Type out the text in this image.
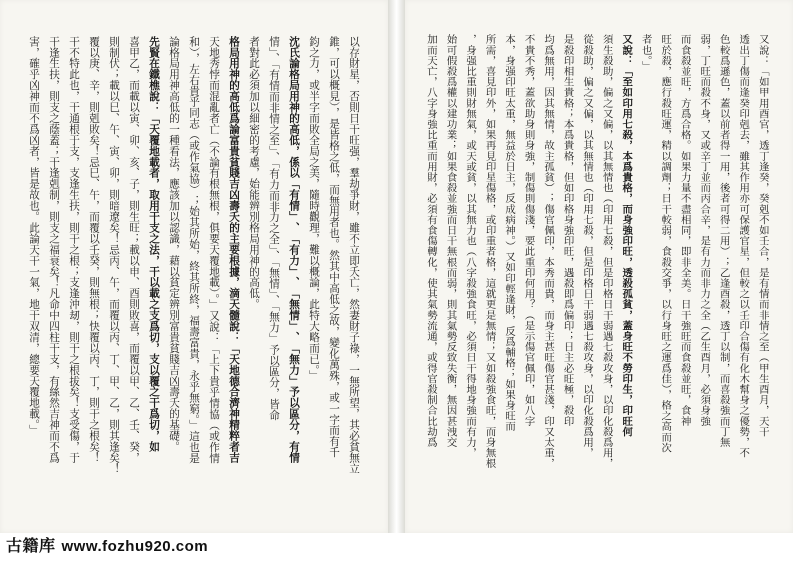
又說：「如甲用酉官，透丁逢癸，癸剋不如壬合，是有情而非情之至（甲生酉月，天干
透出丁傷而逢癸印剋去，雖其作用亦可保護官星，但較之以壬印合傷有化木幫身之優勢，不
色較爲遜色，蓋以前者得一用，後者可得二用）；乙逢酉殺，透丁以制，而喜殺強而丁無
弱，丁旺而殺不身，又或辛丁並而丙合辛，是有力而非力之全（乙生酉月，必須身強
而食殺並旺，方爲合格。如果力量不盡相同，即非全美。日干強旺而食殺並旺，食神
旺於殺，應行殺旺運，精以調劑；日干較弱，食殺交爭，以行身旺之運爲佳），格之高而次
者也。」
又說：「至如印用七殺，本爲貴格，而身強印旺，透殺孤貧，蓋身旺不勞印生，印旺何
須生殺助，偏之又偏，以其無情也（印用七殺，但是印格日干弱遇七殺攻身，以印化殺爲用，
從殺助，偏之又偏，以其無情也（印用七殺，但是印格日干弱遇七殺攻身，以印化殺爲用，
是殺印相生貴格；本爲貴格，但如印格身強印旺，遇殺即爲偏印；日主必旺極，殺印
均爲無用，因其無情，故主孤貧）；傷官佩印，本秀而貴，而身主甚旺傷官甚淺，印又太重，
不貴不秀，蓋欲助身則身強，制傷則傷淺，要此重印何用？（是示傷官佩印，如八字
本，身强印旺太重，無益於日主，反成病神。）又如印輕逢財，反爲輔格；如果身旺而
所需，喜見印外，如果再見印星傷格，或印重者格，這就更是無情；又如殺強食旺，而身無根
，身强比重則財無氣，或天或貧，以其無力也（八字殺強食旺，必須日干得地身強而有力，
始可假殺爲權以建功業；如果食殺並強而日干無根而弱，則其氣勢反致失衡，無因甚洩交
加而天亡，八字身強比重而用財，必須有食傷轉化，使其氣勢流通，或得官殺制合比劫爲
以存財星，否則日干旺强，羣劫爭財，雖不立即夭亡，然妻財子祿，一無所望，其必貧無立
錐，可以概見），是皆格之低，而無用者也。然其中高低之故，變化萬殊，或一字而有千
鈞之力，或半字而敗全局之美，隨時觀理，難以概論，此特大略而已。」
沈氏論格局用神的高低，係以「有情」、「有力」、「無情」、「無力」予以區分，有情
情」、「有情而非情之至」、「有力而非力之全」、「無情」、「無力」予以區分，皆命
者對此必須加以細密的考慮，始能辨別格局用神的高低。
格局用神的高低爲論富貴貧賤吉凶壽夭的主要根據，滴天髓說：「天地德合濟神精粹者吉
天地秀悖而混亂者亡（不論有根無根，俱要天覆地載）。」又說：「上下貴乎情協（或作情
和），左右貴乎同志（或作氣協）；始其所始，終其所終，福壽富貴，永乎無窮。」這也是
論格局用神高低的一種看法，應該加以認識，藉以貧定辨別富貴貧賤吉凶壽夭的基礎。
先賢在鐵樵說：「天覆地載者，取用干支之法，干以載之支爲切，支以覆之干爲切，如
喜甲乙，而載以寅、卯、亥、子，則生旺；載以申、酉則敗喜，而覆以甲、乙、壬、癸，
則制伏；載以巳、午、寅、卯，則暗遼矣！忌丙、午，而覆以丙、丁、甲、乙，則其逢矣！
覆以庚、辛，則剋敗矣！忌巳、午，而覆以壬癸，則無根；快覆以丙、丁，則干之根矣！
干不特此也，干通根于支，支逢生扶，則干之根；支逢沖刼，則干之根拔矣！支受傷，于
干逢生扶，則支之蔭蓋；干逢剋制，則支之福衰矣！凡命中四柱干支，有絲然吉神而不爲
害，確乎凶神而不爲凶者，皆是故也。此論天干一氣，地干双清，總要天覆地載。」
古籍库 www.fozhu920.com
